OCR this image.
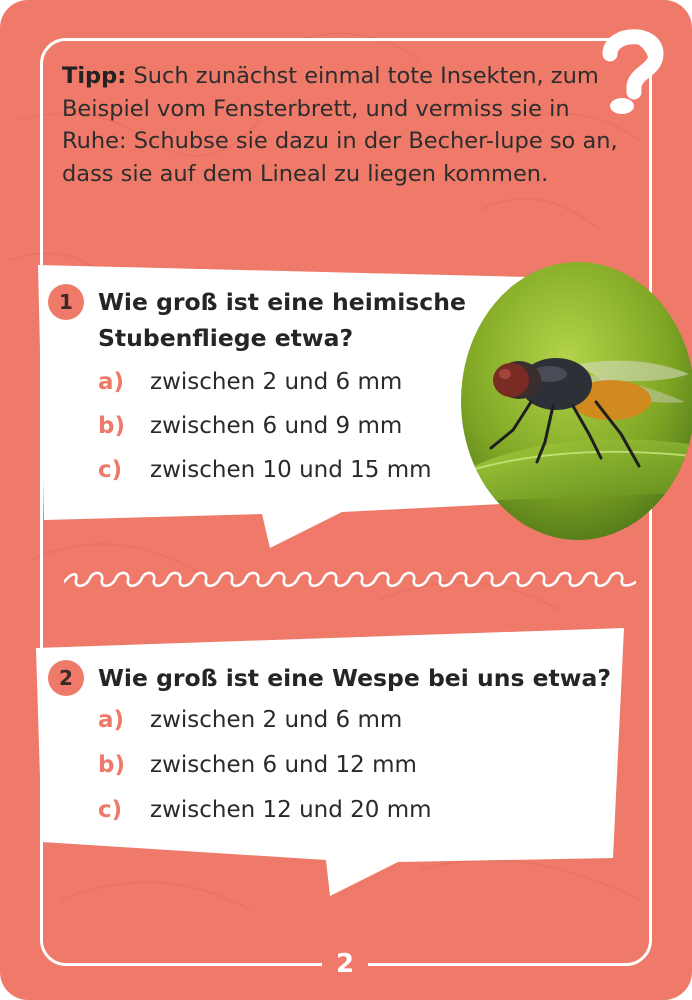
Tipp: Such zunächst einmal tote Insekten, zum Beispiel vom Fensterbrett, und vermiss sie in Ruhe: Schubse sie dazu in der Becher-lupe so an, dass sie auf dem Lineal zu liegen kommen.

1	Wie groß ist eine heimische
Stubenfliege etwa?
a) zwischen 2 und 6 mm
b) zwischen 6 und 9 mm
c) zwischen 10 und 15 mm
2	Wie groß ist eine Wespe bei uns etwa?
a) zwischen 2 und 6 mm
b) zwischen 6 und 12 mm
c) zwischen 12 und 20 mm
2
